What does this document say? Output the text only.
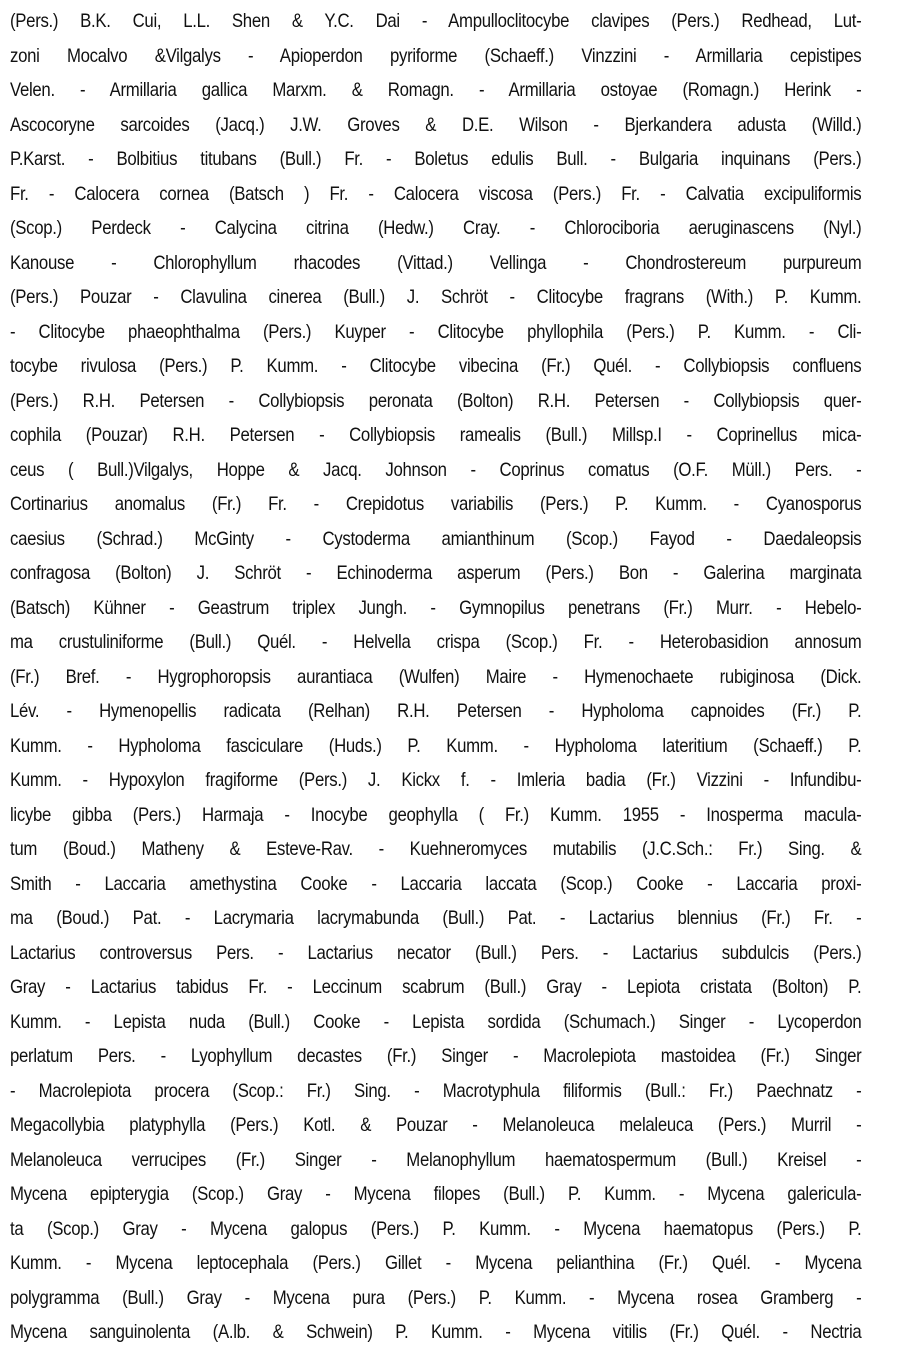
(Pers.) B.K. Cui, L.L. Shen & Y.C. Dai - Ampulloclitocybe clavipes (Pers.) Redhead, Lut-
zoni Mocalvo &Vilgalys - Apioperdon pyriforme (Schaeff.) Vinzzini - Armillaria cepistipes
Velen. - Armillaria gallica Marxm. & Romagn. - Armillaria ostoyae (Romagn.) Herink -
Ascocoryne sarcoides (Jacq.) J.W. Groves & D.E. Wilson - Bjerkandera adusta (Willd.)
P.Karst. - Bolbitius titubans (Bull.) Fr. - Boletus edulis Bull. - Bulgaria inquinans (Pers.)
Fr. - Calocera cornea (Batsch ) Fr. - Calocera viscosa (Pers.) Fr. - Calvatia excipuliformis
(Scop.) Perdeck - Calycina citrina (Hedw.) Cray. - Chlorociboria aeruginascens (Nyl.)
Kanouse - Chlorophyllum rhacodes (Vittad.) Vellinga - Chondrostereum purpureum
(Pers.) Pouzar - Clavulina cinerea (Bull.) J. Schröt - Clitocybe fragrans (With.) P. Kumm.
- Clitocybe phaeophthalma (Pers.) Kuyper - Clitocybe phyllophila (Pers.) P. Kumm. - Cli-
tocybe rivulosa (Pers.) P. Kumm. - Clitocybe vibecina (Fr.) Quél. - Collybiopsis confluens
(Pers.) R.H. Petersen - Collybiopsis peronata (Bolton) R.H. Petersen - Collybiopsis quer-
cophila (Pouzar) R.H. Petersen - Collybiopsis ramealis (Bull.) Millsp.I - Coprinellus mica-
ceus ( Bull.)Vilgalys, Hoppe & Jacq. Johnson - Coprinus comatus (O.F. Müll.) Pers. -
Cortinarius anomalus (Fr.) Fr. - Crepidotus variabilis (Pers.) P. Kumm. - Cyanosporus
caesius (Schrad.) McGinty - Cystoderma amianthinum (Scop.) Fayod - Daedaleopsis
confragosa (Bolton) J. Schröt - Echinoderma asperum (Pers.) Bon - Galerina marginata
(Batsch) Kühner - Geastrum triplex Jungh. - Gymnopilus penetrans (Fr.) Murr. - Hebelo-
ma crustuliniforme (Bull.) Quél. - Helvella crispa (Scop.) Fr. - Heterobasidion annosum
(Fr.) Bref. - Hygrophoropsis aurantiaca (Wulfen) Maire - Hymenochaete rubiginosa (Dick.
Lév. - Hymenopellis radicata (Relhan) R.H. Petersen - Hypholoma capnoides (Fr.) P.
Kumm. - Hypholoma fasciculare (Huds.) P. Kumm. - Hypholoma lateritium (Schaeff.) P.
Kumm. - Hypoxylon fragiforme (Pers.) J. Kickx f. - Imleria badia (Fr.) Vizzini - Infundibu-
licybe gibba (Pers.) Harmaja - Inocybe geophylla ( Fr.) Kumm. 1955 - Inosperma macula-
tum (Boud.) Matheny & Esteve-Rav. - Kuehneromyces mutabilis (J.C.Sch.: Fr.) Sing. &
Smith - Laccaria amethystina Cooke - Laccaria laccata (Scop.) Cooke - Laccaria proxi-
ma (Boud.) Pat. - Lacrymaria lacrymabunda (Bull.) Pat. - Lactarius blennius (Fr.) Fr. -
Lactarius controversus Pers. - Lactarius necator (Bull.) Pers. - Lactarius subdulcis (Pers.)
Gray - Lactarius tabidus Fr. - Leccinum scabrum (Bull.) Gray - Lepiota cristata (Bolton) P.
Kumm. - Lepista nuda (Bull.) Cooke - Lepista sordida (Schumach.) Singer - Lycoperdon
perlatum Pers. - Lyophyllum decastes (Fr.) Singer - Macrolepiota mastoidea (Fr.) Singer
- Macrolepiota procera (Scop.: Fr.) Sing. - Macrotyphula filiformis (Bull.: Fr.) Paechnatz -
Megacollybia platyphylla (Pers.) Kotl. & Pouzar - Melanoleuca melaleuca (Pers.) Murril -
Melanoleuca verrucipes (Fr.) Singer - Melanophyllum haematospermum (Bull.) Kreisel -
Mycena epipterygia (Scop.) Gray - Mycena filopes (Bull.) P. Kumm. - Mycena galericula-
ta (Scop.) Gray - Mycena galopus (Pers.) P. Kumm. - Mycena haematopus (Pers.) P.
Kumm. - Mycena leptocephala (Pers.) Gillet - Mycena pelianthina (Fr.) Quél. - Mycena
polygramma (Bull.) Gray - Mycena pura (Pers.) P. Kumm. - Mycena rosea Gramberg -
Mycena sanguinolenta (A.lb. & Schwein) P. Kumm. - Mycena vitilis (Fr.) Quél. - Nectria
